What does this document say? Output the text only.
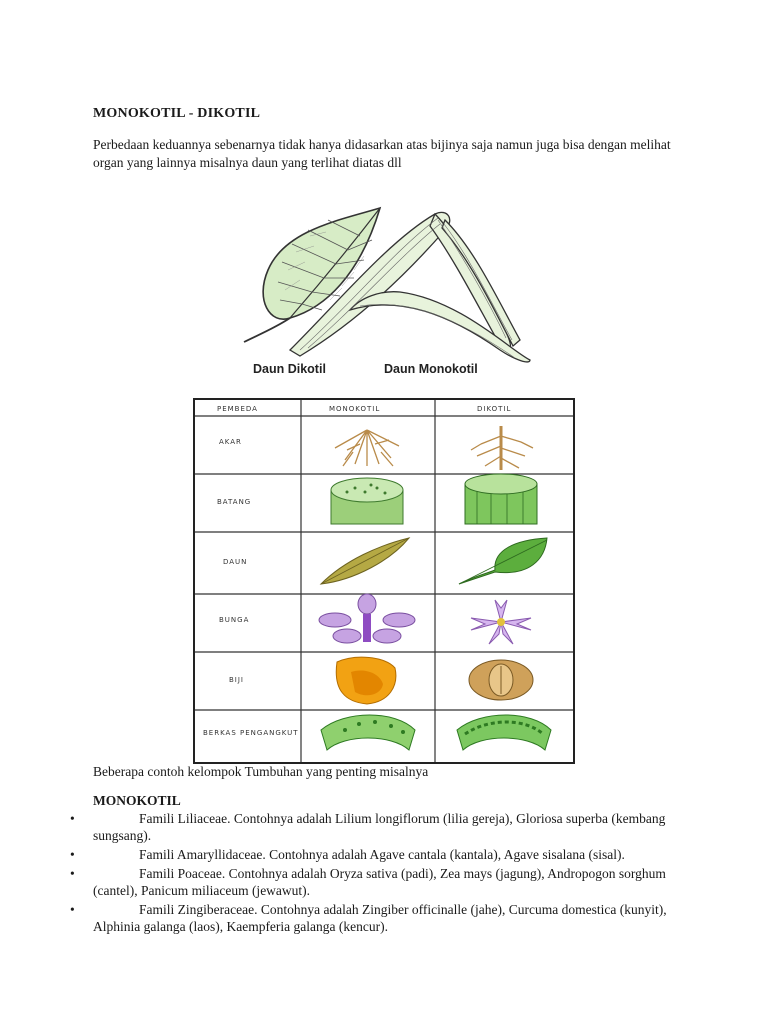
MONOKOTIL - DIKOTIL
Perbedaan keduannya sebenarnya tidak hanya didasarkan atas bijinya saja namun juga bisa dengan melihat organ yang lainnya misalnya daun yang terlihat diatas dll
Daun Dikotil	Daun Monokotil
PEMBEDA	MONOKOTIL	DIKOTIL
AKAR
BATANG
DAUN
BUNGA
BIJI
BERKAS PENGANGKUT
Beberapa contoh kelompok Tumbuhan yang penting misalnya
MONOKOTIL
•	Famili Liliaceae. Contohnya adalah Lilium longiflorum (lilia gereja), Gloriosa superba (kembang sungsang).
•	Famili Amaryllidaceae. Contohnya adalah Agave cantala (kantala), Agave sisalana (sisal).
•	Famili Poaceae. Contohnya adalah Oryza sativa (padi), Zea mays (jagung), Andropogon sorghum (cantel), Panicum miliaceum (jewawut).
•	Famili Zingiberaceae. Contohnya adalah Zingiber officinalle (jahe), Curcuma domestica (kunyit), Alphinia galanga (laos), Kaempferia galanga (kencur).
